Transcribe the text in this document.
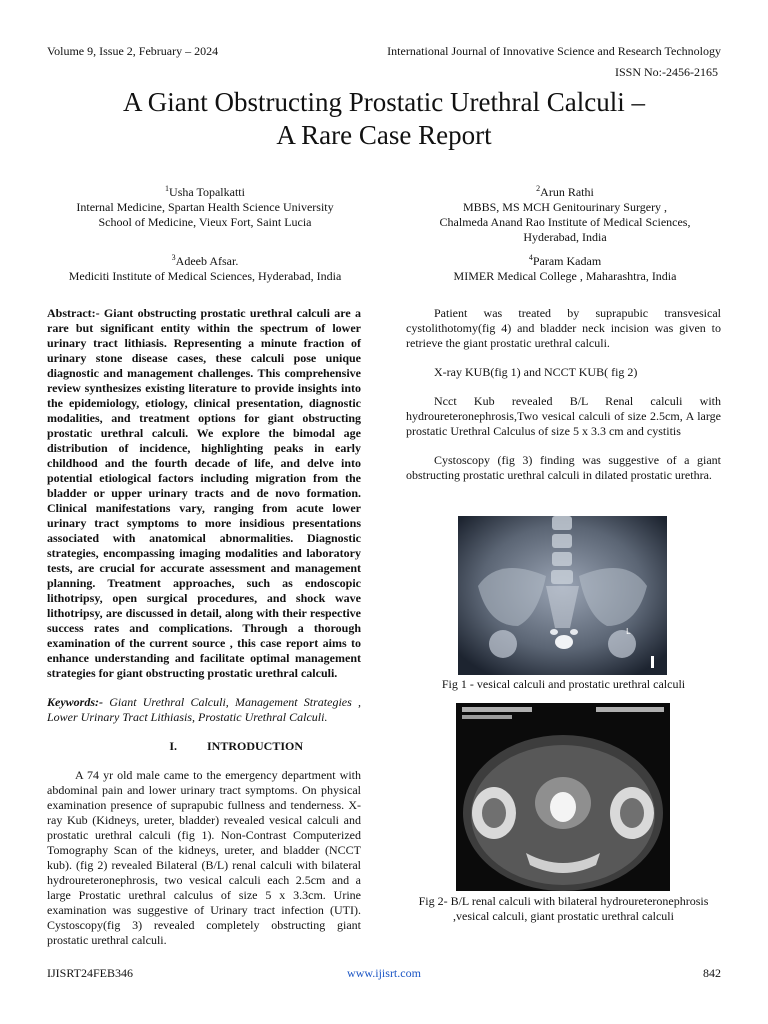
Volume 9, Issue 2, February – 2024	International Journal of Innovative Science and Research Technology
ISSN No:-2456-2165
A Giant Obstructing Prostatic Urethral Calculi –
A Rare Case Report
$^1$Usha Topalkatti
Internal Medicine, Spartan Health Science University
School of Medicine, Vieux Fort, Saint Lucia
$^2$Arun Rathi
MBBS, MS MCH Genitourinary Surgery ,
Chalmeda Anand Rao Institute of Medical Sciences,
Hyderabad, India
$^3$Adeeb Afsar.
Mediciti Institute of Medical Sciences, Hyderabad, India
$^4$Param Kadam
MIMER Medical College , Maharashtra, India

Abstract:- Giant obstructing prostatic urethral calculi are a rare but significant entity within the spectrum of lower urinary tract lithiasis. Representing a minute fraction of urinary stone disease cases, these calculi pose unique diagnostic and management challenges. This comprehensive review synthesizes existing literature to provide insights into the epidemiology, etiology, clinical presentation, diagnostic modalities, and treatment options for giant obstructing prostatic urethral calculi. We explore the bimodal age distribution of incidence, highlighting peaks in early childhood and the fourth decade of life, and delve into potential etiological factors including migration from the bladder or upper urinary tracts and de novo formation. Clinical manifestations vary, ranging from acute lower urinary tract symptoms to more insidious presentations associated with anatomical abnormalities. Diagnostic strategies, encompassing imaging modalities and laboratory tests, are crucial for accurate assessment and management planning. Treatment approaches, such as endoscopic lithotripsy, open surgical procedures, and shock wave lithotripsy, are discussed in detail, along with their respective success rates and complications. Through a thorough examination of the current source , this case report aims to enhance understanding and facilitate optimal management strategies for giant obstructing prostatic urethral calculi.

Keywords:- Giant Urethral Calculi, Management Strategies , Lower Urinary Tract Lithiasis, Prostatic Urethral Calculi.

I.	INTRODUCTION

A 74 yr old male came to the emergency department with abdominal pain and lower urinary tract symptoms. On physical examination presence of suprapubic fullness and tenderness. X-ray Kub (Kidneys, ureter, bladder) revealed vesical calculi and prostatic urethral calculi (fig 1). Non-Contrast Computerized Tomography Scan of the kidneys, ureter, and bladder (NCCT kub). (fig 2) revealed Bilateral (B/L) renal calculi with bilateral hydroureteronephrosis, two vesical calculi each 2.5cm and a large Prostatic urethral calculus of size 5 x 3.3cm. Urine examination was suggestive of Urinary tract infection (UTI). Cystoscopy(fig 3) revealed completely obstructing giant prostatic urethral calculi.

Patient was treated by suprapubic transvesical cystolithotomy(fig 4) and bladder neck incision was given to retrieve the giant prostatic urethral calculi.

X-ray KUB(fig 1) and NCCT KUB( fig 2)

Ncct Kub revealed B/L Renal calculi with hydroureteronephrosis,Two vesical calculi of size 2.5cm, A large prostatic Urethral Calculus of size 5 x 3.3 cm and cystitis

Cystoscopy (fig 3) finding was suggestive of a giant obstructing prostatic urethral calculi in dilated prostatic urethra.

L
Fig 1 - vesical calculi and prostatic urethral calculi
Fig 2- B/L renal calculi with bilateral hydroureteronephrosis ,vesical calculi, giant prostatic urethral calculi
IJISRT24FEB346	www.ijisrt.com	842
